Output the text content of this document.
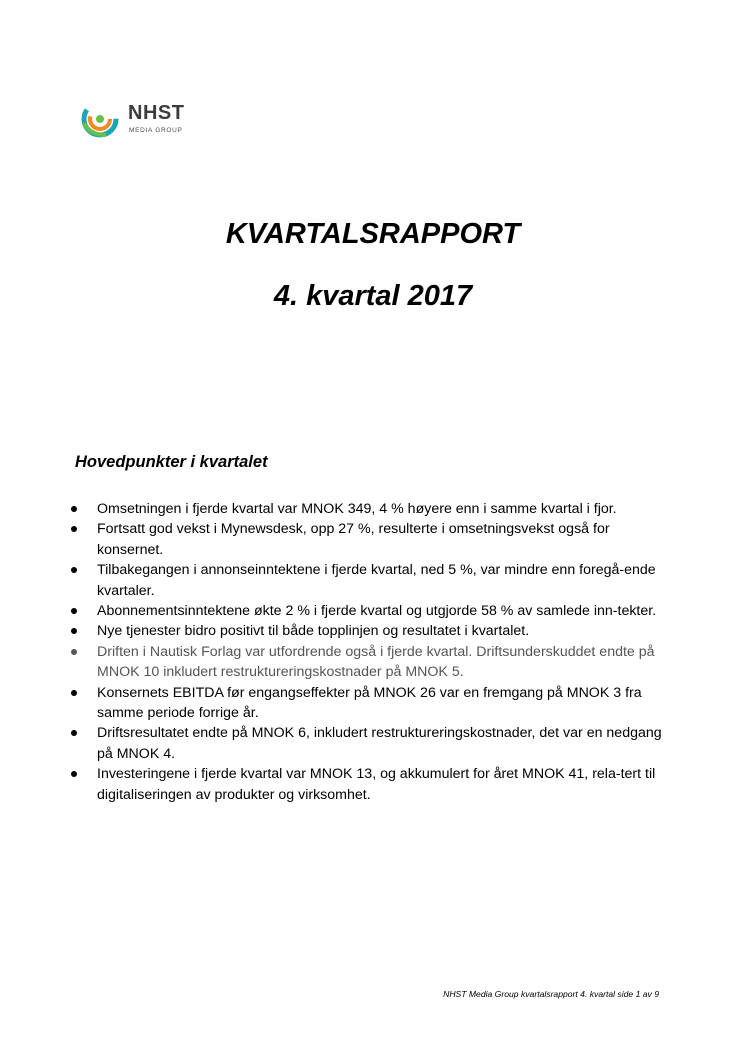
NHST
MEDIA GROUP
KVARTALSRAPPORT
4. kvartal 2017
Hovedpunkter i kvartalet
Omsetningen i fjerde kvartal var MNOK 349, 4 % høyere enn i samme kvartal i fjor.
Fortsatt god vekst i Mynewsdesk, opp 27 %, resulterte i omsetningsvekst også for konsernet.
Tilbakegangen i annonseinntektene i fjerde kvartal, ned 5 %, var mindre enn foregå-ende kvartaler.
Abonnementsinntektene økte 2 % i fjerde kvartal og utgjorde 58 % av samlede inn-tekter.
Nye tjenester bidro positivt til både topplinjen og resultatet i kvartalet.
Driften i Nautisk Forlag var utfordrende også i fjerde kvartal. Driftsunderskuddet endte på MNOK 10 inkludert restruktureringskostnader på MNOK 5.
Konsernets EBITDA før engangseffekter på MNOK 26 var en fremgang på MNOK 3 fra samme periode forrige år.
Driftsresultatet endte på MNOK 6, inkludert restruktureringskostnader, det var en nedgang på MNOK 4.
Investeringene i fjerde kvartal var MNOK 13, og akkumulert for året MNOK 41, rela-tert til digitaliseringen av produkter og virksomhet.

NHST Media Group kvartalsrapport 4. kvartal side 1 av 9
